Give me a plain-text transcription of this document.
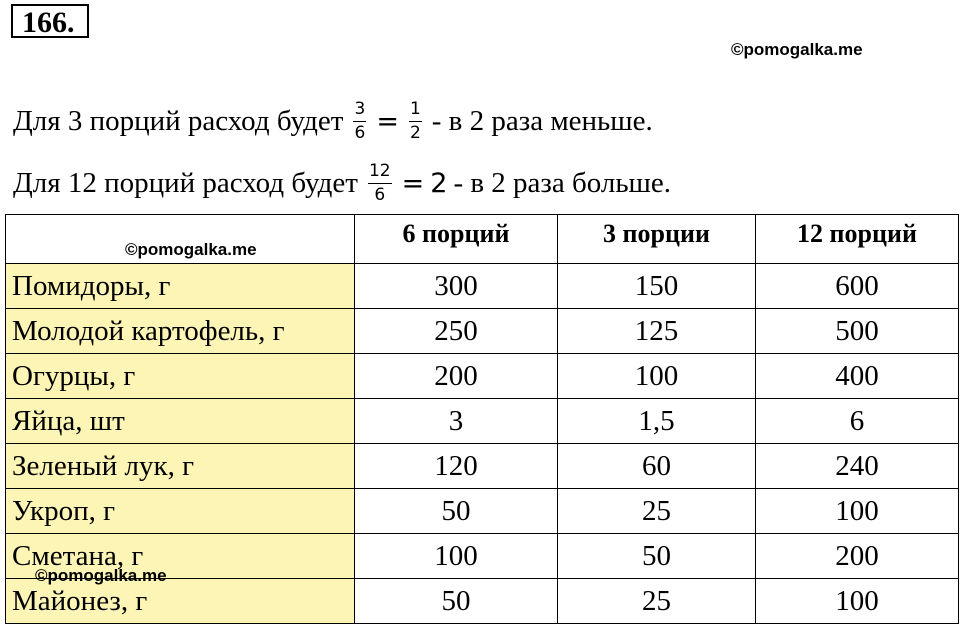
166.
©pomogalka.me
Для 3 порций расход будет $\frac{3}{6} = \frac{1}{2} - в$ 2 раза меньше.
Для 12 порций расход будет $\frac{12}{6} = 2 - в$ 2 раза больше.
	6 порций	3 порции	12 порций
Помидоры, г	300	150	600
Молодой картофель, г	250	125	500
Огурцы, г	200	100	400
Яйца, шт	3	1,5	6
Зеленый лук, г	120	60	240
Укроп, г	50	25	100
Сметана, г	100	50	200
Майонез, г	50	25	100
©pomogalka.me
©pomogalka.me
